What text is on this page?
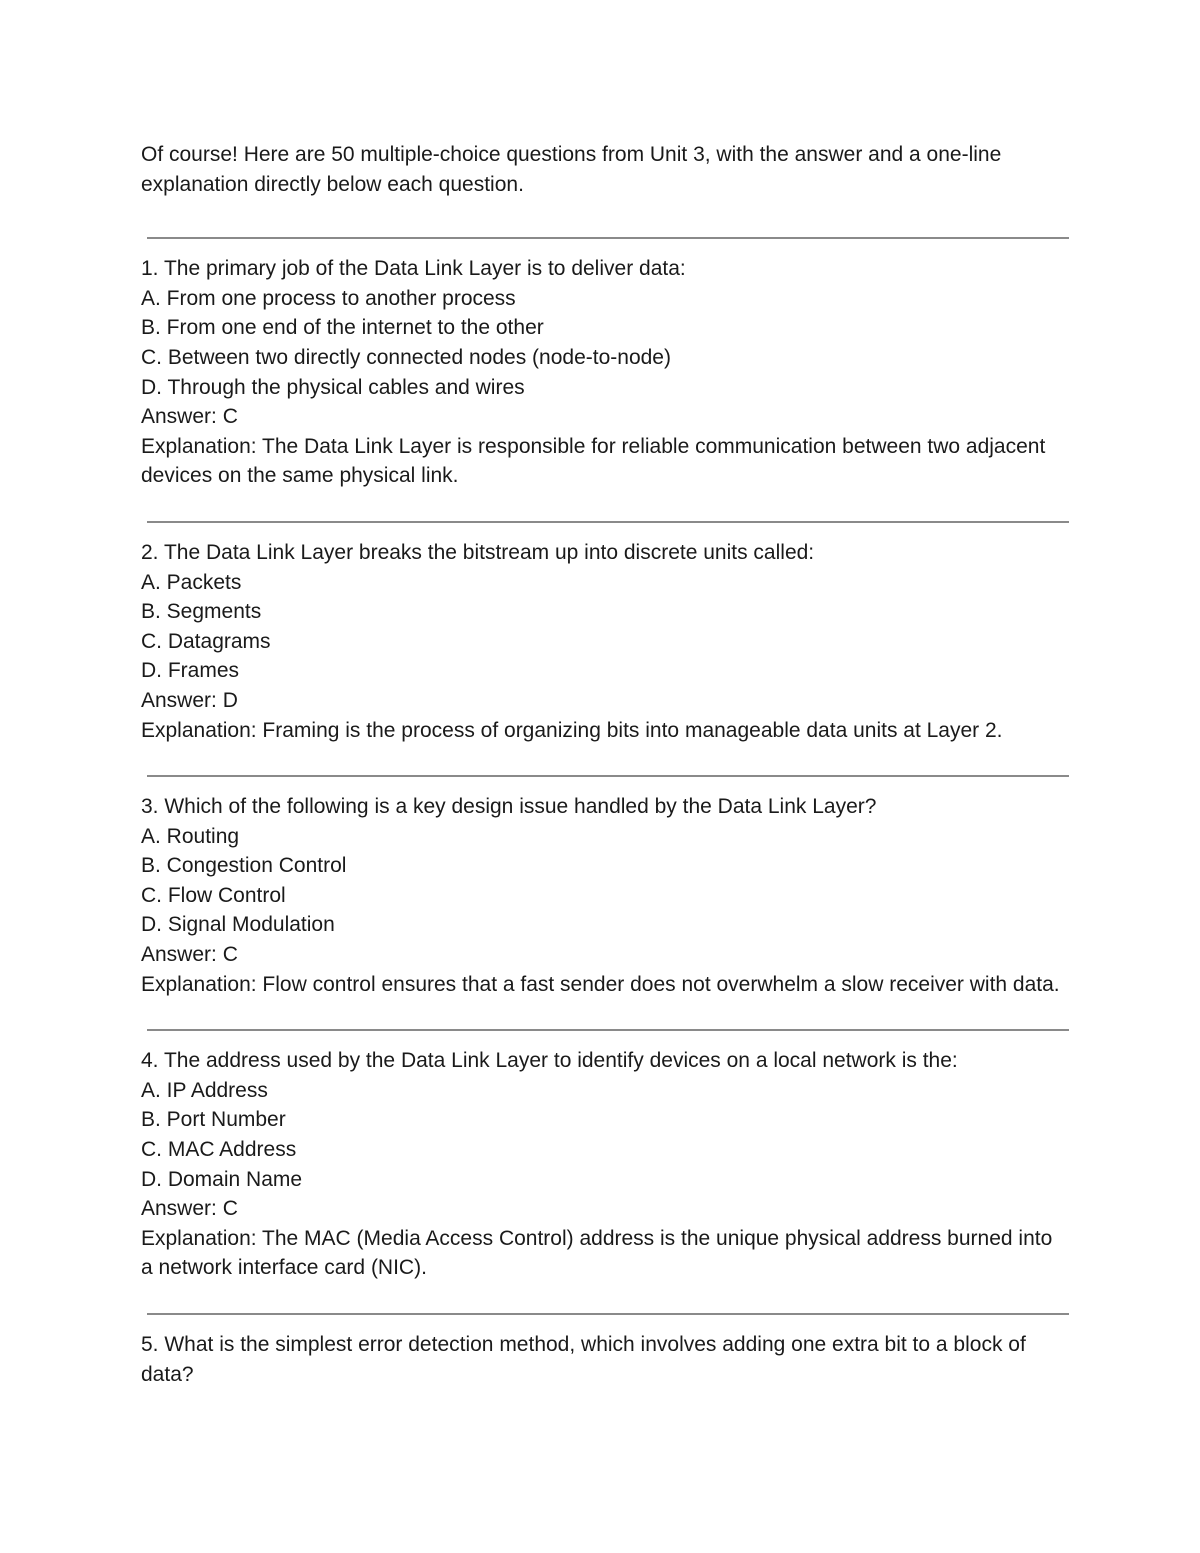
Of course! Here are 50 multiple-choice questions from Unit 3, with the answer and a one-line explanation directly below each question.

1. The primary job of the Data Link Layer is to deliver data:

A. From one process to another process

B. From one end of the internet to the other

C. Between two directly connected nodes (node-to-node)

D. Through the physical cables and wires

Answer: C

Explanation: The Data Link Layer is responsible for reliable communication between two adjacent devices on the same physical link.

2. The Data Link Layer breaks the bitstream up into discrete units called:

A. Packets

B. Segments

C. Datagrams

D. Frames

Answer: D

Explanation: Framing is the process of organizing bits into manageable data units at Layer 2.

3. Which of the following is a key design issue handled by the Data Link Layer?

A. Routing

B. Congestion Control

C. Flow Control

D. Signal Modulation

Answer: C

Explanation: Flow control ensures that a fast sender does not overwhelm a slow receiver with data.

4. The address used by the Data Link Layer to identify devices on a local network is the:

A. IP Address

B. Port Number

C. MAC Address

D. Domain Name

Answer: C

Explanation: The MAC (Media Access Control) address is the unique physical address burned into a network interface card (NIC).

5. What is the simplest error detection method, which involves adding one extra bit to a block of data?
